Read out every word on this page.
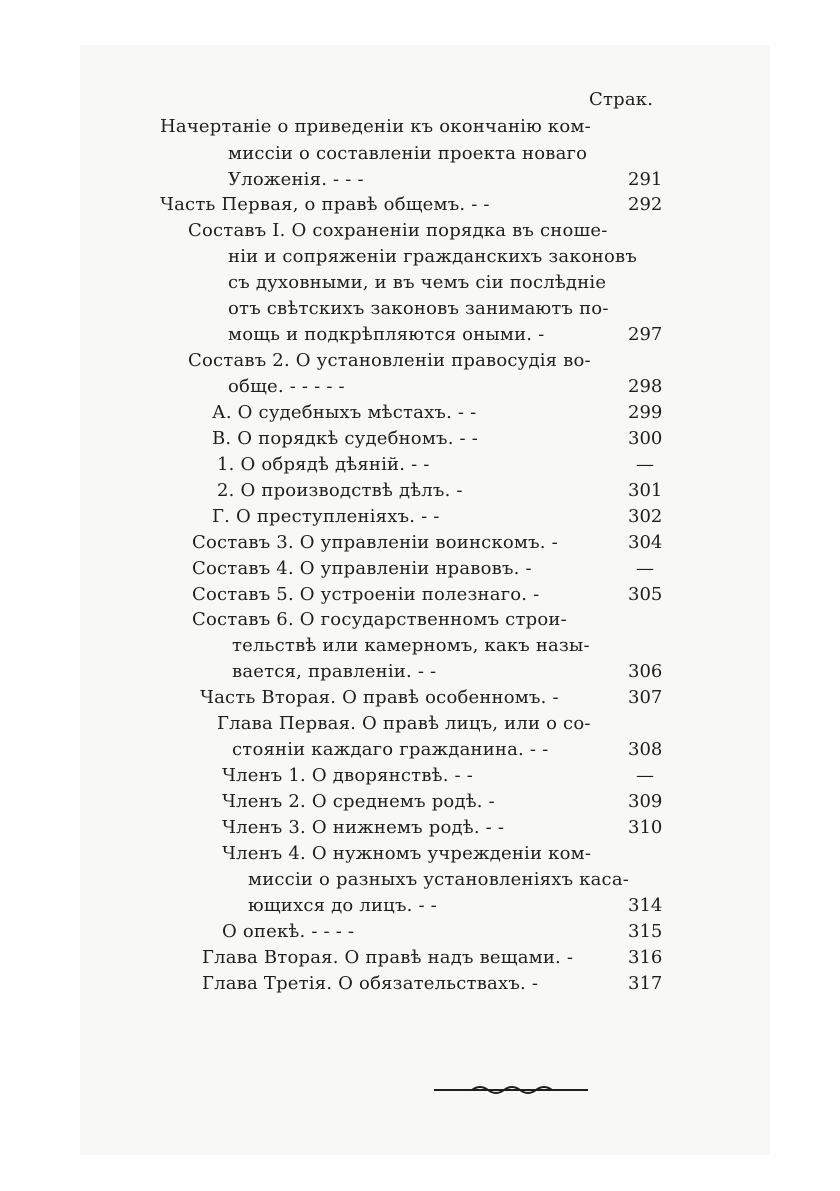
Страк.
Начертаніе о приведеніи къ окончанію ком-
миссіи о составленіи проекта новаго
Уложенія. - - -	291
Часть Первая, о правѣ общемъ. - -	292
Составъ I. О сохраненіи порядка въ сноше-
ніи и сопряженіи гражданскихъ законовъ
съ духовными, и въ чемъ сіи послѣдніе
отъ свѣтскихъ законовъ занимаютъ по-
мощь и подкрѣпляются оными. -	297
Составъ 2. О установленіи правосудія во-
обще. - - - - -	298
А. О судебныхъ мѣстахъ. - -	299
В. О порядкѣ судебномъ. - -	300
1. О обрядѣ дѣяній. - -	—
2. О производствѣ дѣлъ. -	301
Г. О преступленіяхъ. - -	302
Составъ 3. О управленіи воинскомъ. -	304
Составъ 4. О управленіи нравовъ. -	—
Составъ 5. О устроеніи полезнаго. -	305
Составъ 6. О государственномъ строи-
тельствѣ или камерномъ, какъ назы-
вается, правленіи. - -	306
Часть Вторая. О правѣ особенномъ. -	307
Глава Первая. О правѣ лицъ, или о со-
стояніи каждаго гражданина. - -	308
Членъ 1. О дворянствѣ. - -	—
Членъ 2. О среднемъ родѣ. -	309
Членъ 3. О нижнемъ родѣ. - -	310
Членъ 4. О нужномъ учрежденіи ком-
миссіи о разныхъ установленіяхъ каса-
ющихся до лицъ. - -	314
О опекѣ. - - - -	315
Глава Вторая. О правѣ надъ вещами. -	316
Глава Третія. О обязательствахъ. -	317
